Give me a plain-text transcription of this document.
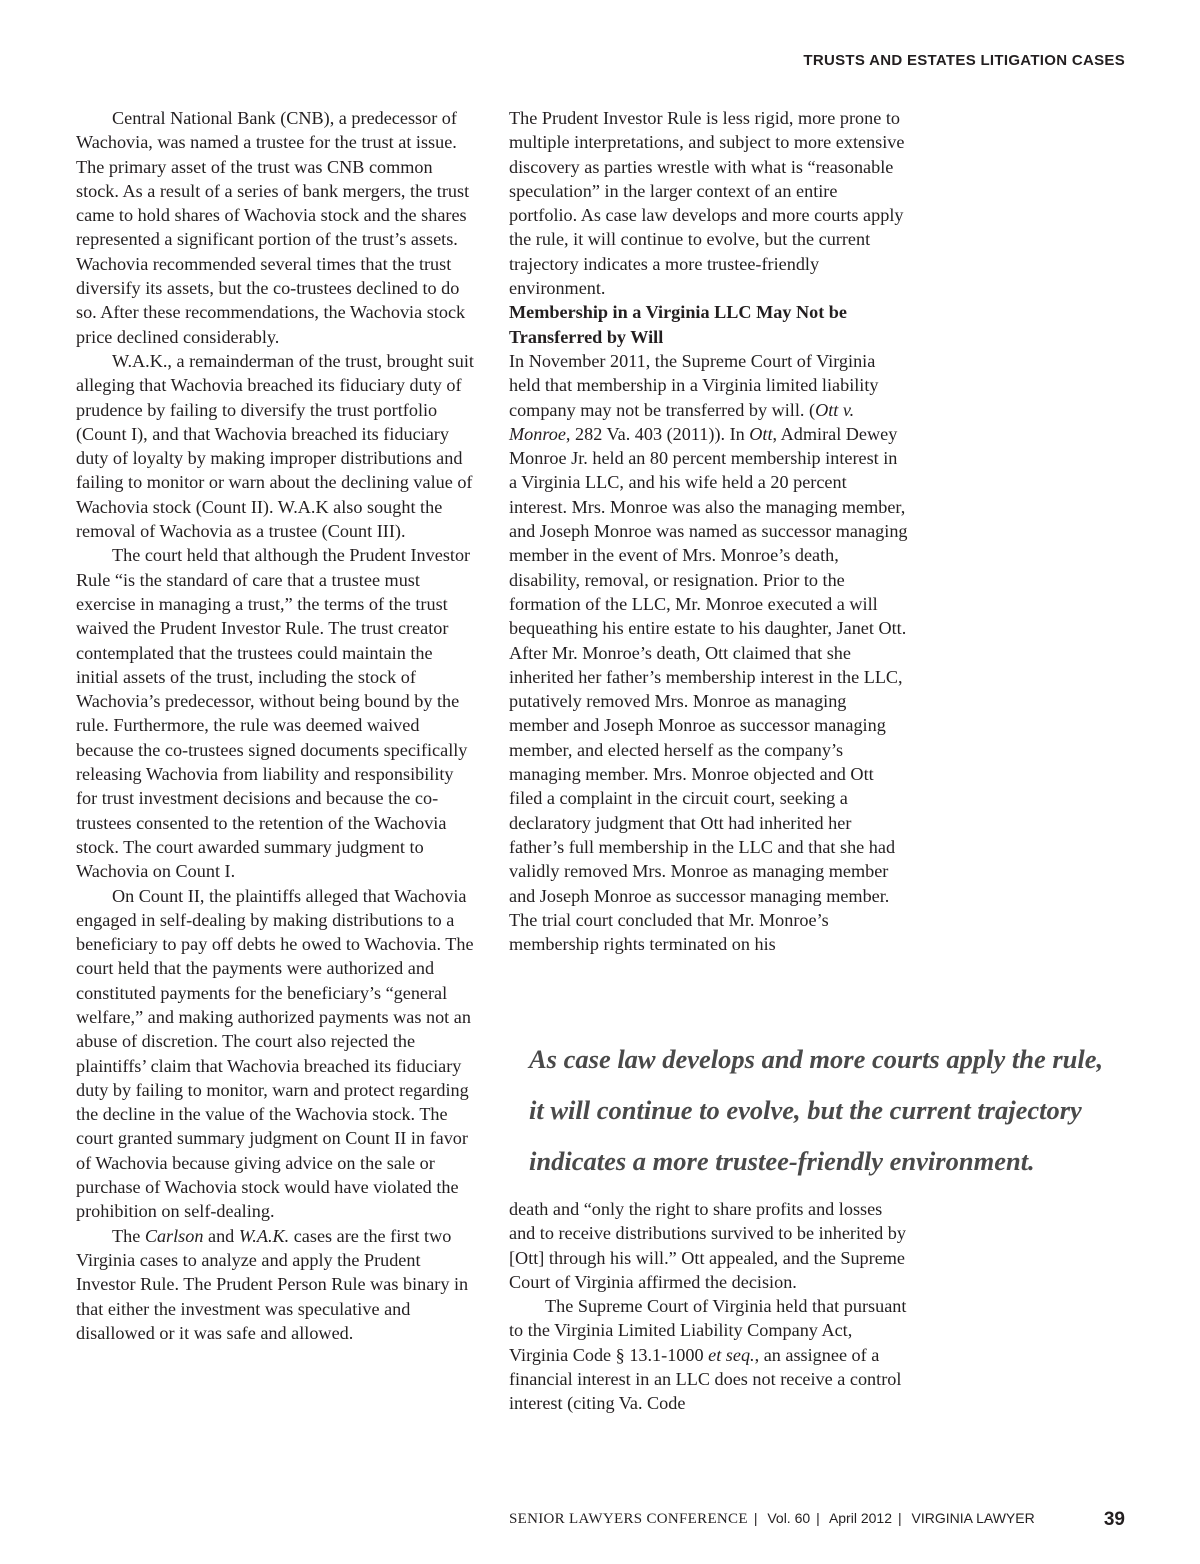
TRUSTS AND ESTATES LITIGATION CASES

Central National Bank (CNB), a predecessor of Wachovia, was named a trustee for the trust at issue. The primary asset of the trust was CNB common stock. As a result of a series of bank mergers, the trust came to hold shares of Wachovia stock and the shares represented a significant portion of the trust’s assets. Wachovia recommended several times that the trust diversify its assets, but the co-trustees declined to do so. After these recommendations, the Wachovia stock price declined considerably.

W.A.K., a remainderman of the trust, brought suit alleging that Wachovia breached its fiduciary duty of prudence by failing to diversify the trust portfolio (Count I), and that Wachovia breached its fiduciary duty of loyalty by making improper distributions and failing to monitor or warn about the declining value of Wachovia stock (Count II). W.A.K also sought the removal of Wachovia as a trustee (Count III).

The court held that although the Prudent Investor Rule “is the standard of care that a trustee must exercise in managing a trust,” the terms of the trust waived the Prudent Investor Rule. The trust creator contemplated that the trustees could maintain the initial assets of the trust, including the stock of Wachovia’s predecessor, without being bound by the rule. Furthermore, the rule was deemed waived because the co-trustees signed documents specifically releasing Wachovia from liability and responsibility for trust investment decisions and because the co-trustees consented to the retention of the Wachovia stock. The court awarded summary judgment to Wachovia on Count I.

On Count II, the plaintiffs alleged that Wachovia engaged in self-dealing by making distributions to a beneficiary to pay off debts he owed to Wachovia. The court held that the payments were authorized and constituted payments for the beneficiary’s “general welfare,” and making authorized payments was not an abuse of discretion. The court also rejected the plaintiffs’ claim that Wachovia breached its fiduciary duty by failing to monitor, warn and protect regarding the decline in the value of the Wachovia stock. The court granted summary judgment on Count II in favor of Wachovia because giving advice on the sale or purchase of Wachovia stock would have violated the prohibition on self-dealing.

The Carlson and W.A.K. cases are the first two Virginia cases to analyze and apply the Prudent Investor Rule. The Prudent Person Rule was binary in that either the investment was speculative and disallowed or it was safe and allowed.

The Prudent Investor Rule is less rigid, more prone to multiple interpretations, and subject to more extensive discovery as parties wrestle with what is “reasonable speculation” in the larger context of an entire portfolio. As case law develops and more courts apply the rule, it will continue to evolve, but the current trajectory indicates a more trustee-friendly environment.

Membership in a Virginia LLC May Not be Transferred by Will

In November 2011, the Supreme Court of Virginia held that membership in a Virginia limited liability company may not be transferred by will. (Ott v. Monroe, 282 Va. 403 (2011)). In Ott, Admiral Dewey Monroe Jr. held an 80 percent membership interest in a Virginia LLC, and his wife held a 20 percent interest. Mrs. Monroe was also the managing member, and Joseph Monroe was named as successor managing member in the event of Mrs. Monroe’s death, disability, removal, or resignation. Prior to the formation of the LLC, Mr. Monroe executed a will bequeathing his entire estate to his daughter, Janet Ott. After Mr. Monroe’s death, Ott claimed that she inherited her father’s membership interest in the LLC, putatively removed Mrs. Monroe as managing member and Joseph Monroe as successor managing member, and elected herself as the company’s managing member. Mrs. Monroe objected and Ott filed a complaint in the circuit court, seeking a declaratory judgment that Ott had inherited her father’s full membership in the LLC and that she had validly removed Mrs. Monroe as managing member and Joseph Monroe as successor managing member. The trial court concluded that Mr. Monroe’s membership rights terminated on his

As case law develops and more courts apply the rule,
it will continue to evolve, but the current trajectory
indicates a more trustee-friendly environment.

death and “only the right to share profits and losses and to receive distributions survived to be inherited by [Ott] through his will.” Ott appealed, and the Supreme Court of Virginia affirmed the decision.

The Supreme Court of Virginia held that pursuant to the Virginia Limited Liability Company Act, Virginia Code § 13.1-1000 et seq., an assignee of a financial interest in an LLC does not receive a control interest (citing Va. Code

SENIOR LAWYERS CONFERENCE | Vol. 60 | April 2012 | VIRGINIA LAWYER	39
